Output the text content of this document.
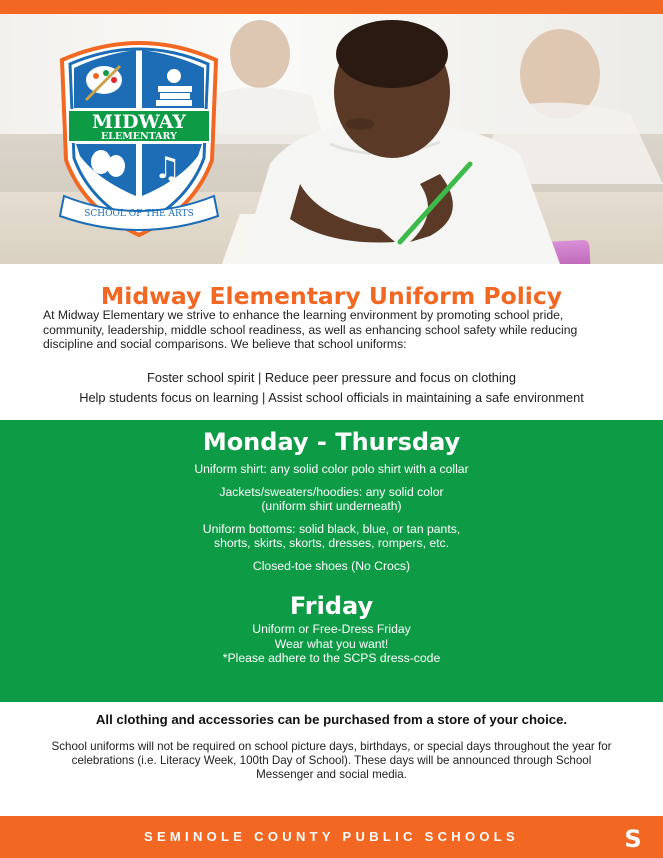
MIDWAY
ELEMENTARY
♫
SCHOOL OF THE ARTS
Midway Elementary Uniform Policy

At Midway Elementary we strive to enhance the learning environment by promoting school pride, community, leadership, middle school readiness, as well as enhancing school safety while reducing discipline and social comparisons. We believe that school uniforms:

Foster school spirit | Reduce peer pressure and focus on clothing
Help students focus on learning | Assist school officials in maintaining a safe environment
Monday - Thursday
Uniform shirt: any solid color polo shirt with a collar
Jackets/sweaters/hoodies: any solid color
(uniform shirt underneath)
Uniform bottoms: solid black, blue, or tan pants,
shorts, skirts, skorts, dresses, rompers, etc.
Closed-toe shoes (No Crocs)
Friday
Uniform or Free-Dress Friday
Wear what you want!
*Please adhere to the SCPS dress-code

All clothing and accessories can be purchased from a store of your choice.

School uniforms will not be required on school picture days, birthdays, or special days throughout the year for celebrations (i.e. Literacy Week, 100th Day of School). These days will be announced through School Messenger and social media.

SEMINOLE COUNTY PUBLIC SCHOOLS	S
